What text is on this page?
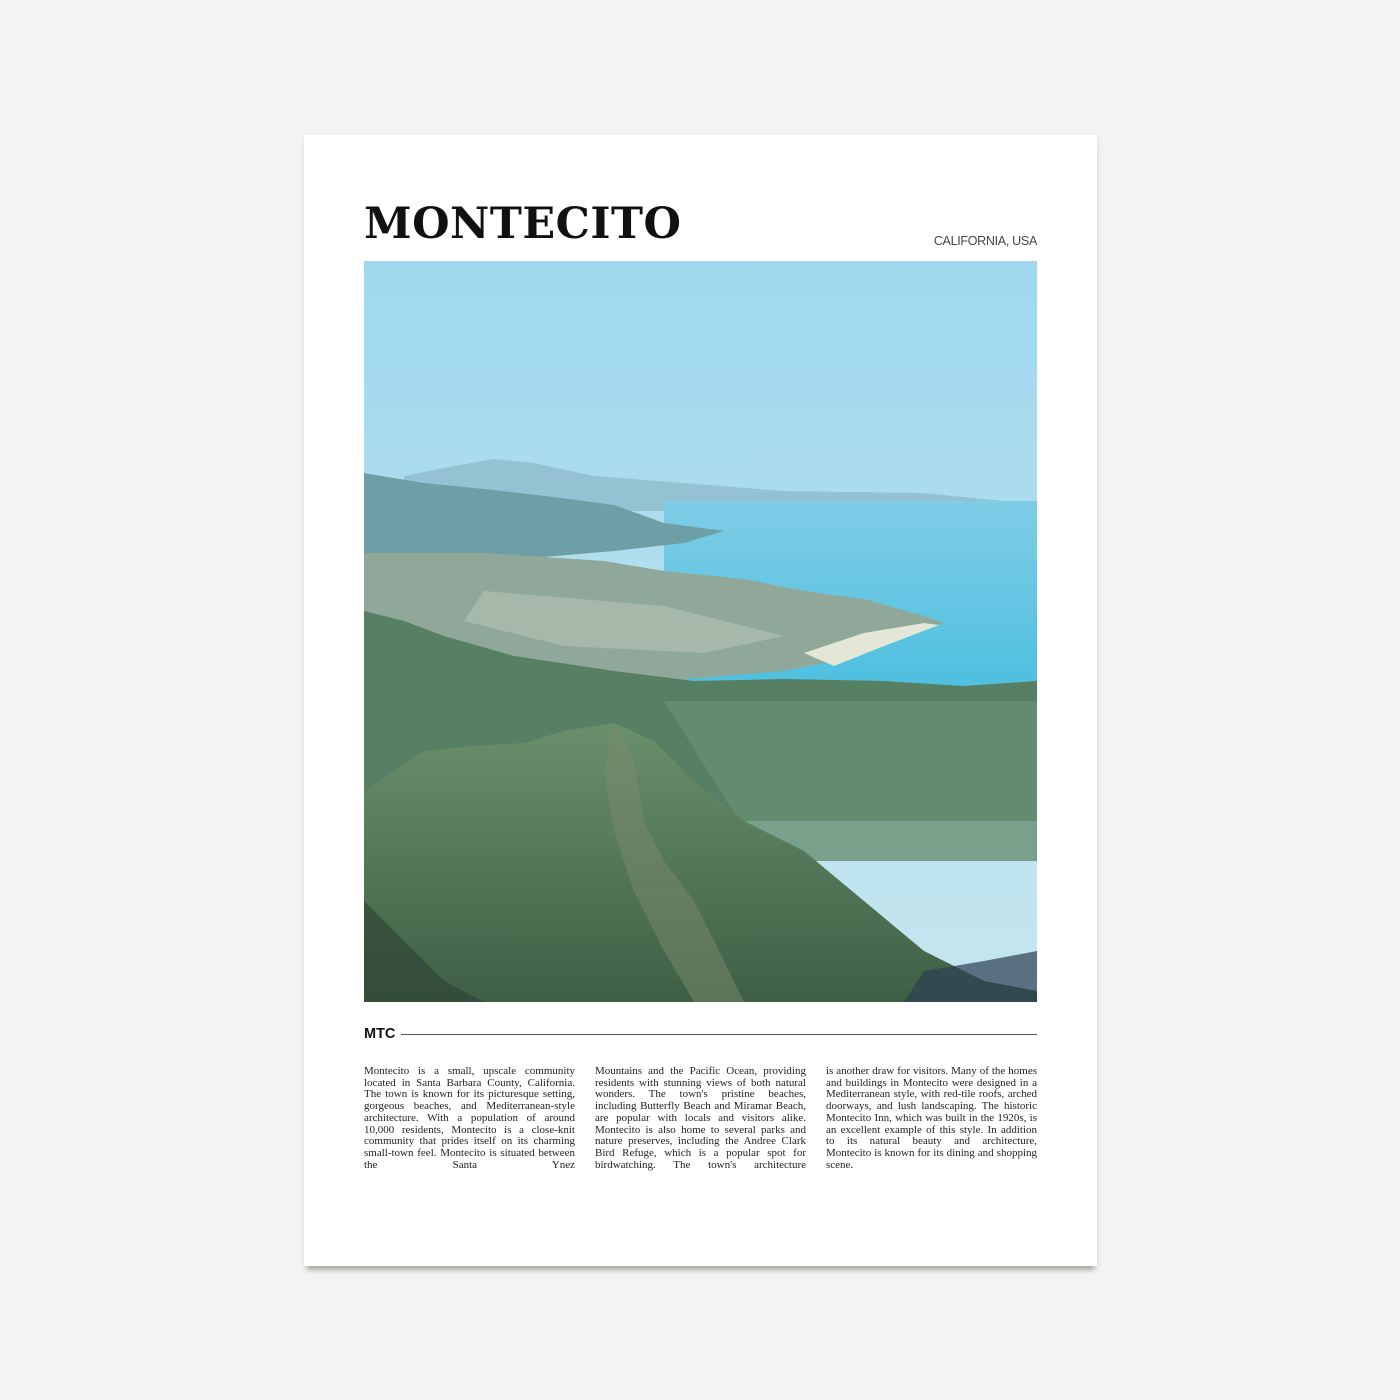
MONTECITO	CALIFORNIA, USA
MTC

Montecito is a small, upscale community located in Santa Barbara County, California. The town is known for its picturesque setting, gorgeous beaches, and Mediterranean-style architecture. With a population of around 10,000 residents, Montecito is a close-knit community that prides itself on its charming small-town feel. Montecito is situated between the Santa Ynez

Mountains and the Pacific Ocean, providing residents with stunning views of both natural wonders. The town's pristine beaches, including Butterfly Beach and Miramar Beach, are popular with locals and visitors alike. Montecito is also home to several parks and nature preserves, including the Andree Clark Bird Refuge, which is a popular spot for birdwatching. The town's architecture

is another draw for visitors. Many of the homes and buildings in Montecito were designed in a Mediterranean style, with red-tile roofs, arched doorways, and lush landscaping. The historic Montecito Inn, which was built in the 1920s, is an excellent example of this style. In addition to its natural beauty and architecture, Montecito is known for its dining and shopping scene.
